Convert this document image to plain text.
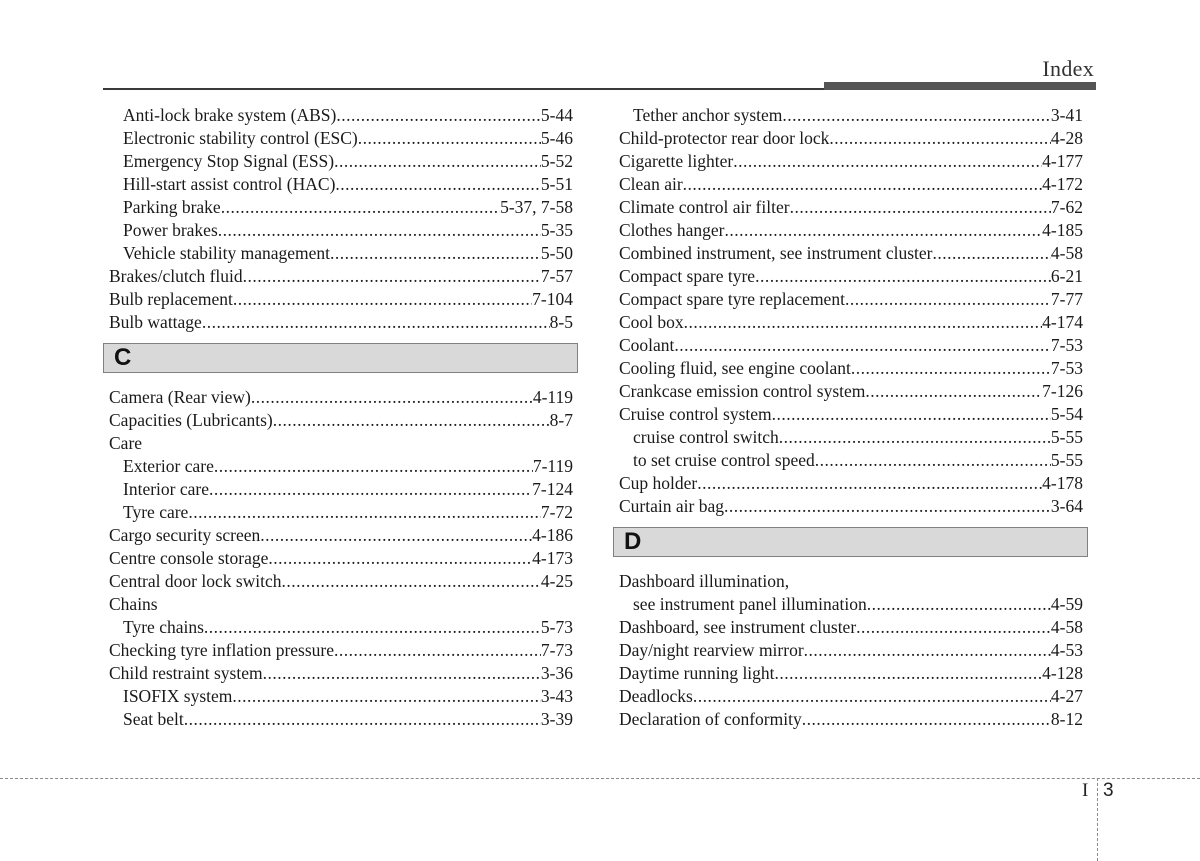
Index
Anti-lock brake system (ABS) .....	5-44
Electronic stability control (ESC) .....	5-46
Emergency Stop Signal (ESS) .....	5-52
Hill-start assist control (HAC) .....	5-51
Parking brake .....	5-37, 7-58
Power brakes .....	5-35
Vehicle stability management .....	5-50
Brakes/clutch fluid .....	7-57
Bulb replacement .....	7-104
Bulb wattage .....	8-5
C
Camera (Rear view) .....	4-119
Capacities (Lubricants) .....	8-7
Care
Exterior care .....	7-119
Interior care .....	7-124
Tyre care .....	7-72
Cargo security screen .....	4-186
Centre console storage .....	4-173
Central door lock switch .....	4-25
Chains
Tyre chains .....	5-73
Checking tyre inflation pressure .....	7-73
Child restraint system .....	3-36
ISOFIX system .....	3-43
Seat belt .....	3-39
Tether anchor system .....	3-41
Child-protector rear door lock .....	4-28
Cigarette lighter .....	4-177
Clean air .....	4-172
Climate control air filter .....	7-62
Clothes hanger .....	4-185
Combined instrument, see instrument cluster .....	4-58
Compact spare tyre .....	6-21
Compact spare tyre replacement .....	7-77
Cool box .....	4-174
Coolant .....	7-53
Cooling fluid, see engine coolant .....	7-53
Crankcase emission control system .....	7-126
Cruise control system .....	5-54
cruise control switch .....	5-55
to set cruise control speed .....	5-55
Cup holder .....	4-178
Curtain air bag .....	3-64
D
Dashboard illumination,
see instrument panel illumination .....	4-59
Dashboard, see instrument cluster .....	4-58
Day/night rearview mirror .....	4-53
Daytime running light .....	4-128
Deadlocks .....	4-27
Declaration of conformity .....	8-12
I 3
